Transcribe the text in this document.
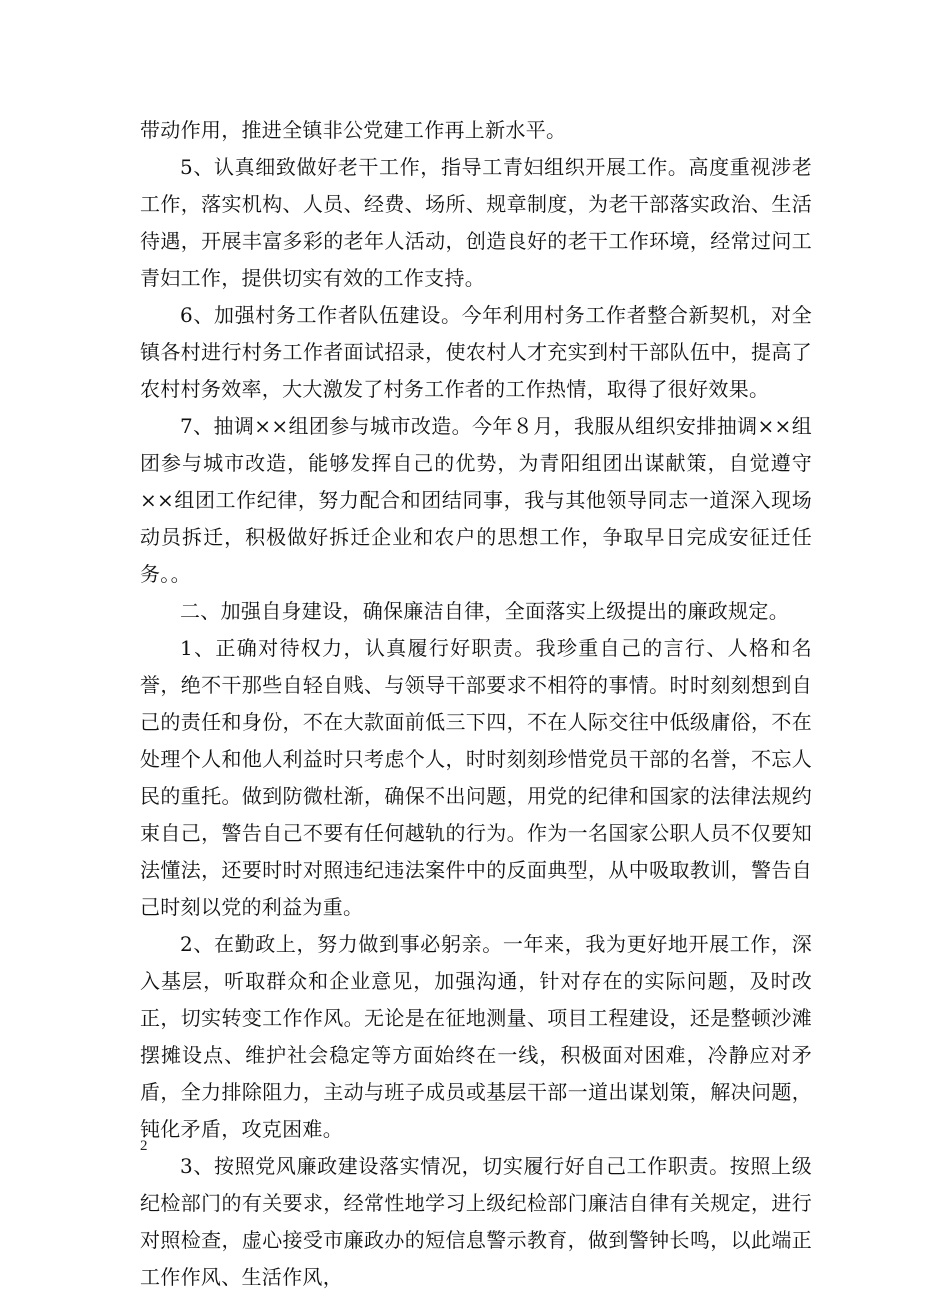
带动作用，推进全镇非公党建工作再上新水平。

5、认真细致做好老干工作，指导工青妇组织开展工作。高度重视涉老工作，落实机构、人员、经费、场所、规章制度，为老干部落实政治、生活待遇，开展丰富多彩的老年人活动，创造良好的老干工作环境，经常过问工青妇工作，提供切实有效的工作支持。

6、加强村务工作者队伍建设。今年利用村务工作者整合新契机，对全镇各村进行村务工作者面试招录，使农村人才充实到村干部队伍中，提高了农村村务效率，大大激发了村务工作者的工作热情，取得了很好效果。

7、抽调××组团参与城市改造。今年８月，我服从组织安排抽调××组团参与城市改造，能够发挥自己的优势，为青阳组团出谋献策，自觉遵守××组团工作纪律，努力配合和团结同事，我与其他领导同志一道深入现场动员拆迁，积极做好拆迁企业和农户的思想工作，争取早日完成安征迁任务。。

二、加强自身建设，确保廉洁自律，全面落实上级提出的廉政规定。

1、正确对待权力，认真履行好职责。我珍重自己的言行、人格和名誉，绝不干那些自轻自贱、与领导干部要求不相符的事情。时时刻刻想到自己的责任和身份，不在大款面前低三下四，不在人际交往中低级庸俗，不在处理个人和他人利益时只考虑个人，时时刻刻珍惜党员干部的名誉，不忘人民的重托。做到防微杜渐，确保不出问题，用党的纪律和国家的法律法规约束自己，警告自己不要有任何越轨的行为。作为一名国家公职人员不仅要知法懂法，还要时时对照违纪违法案件中的反面典型，从中吸取教训，警告自己时刻以党的利益为重。

2、在勤政上，努力做到事必躬亲。一年来，我为更好地开展工作，深入基层，听取群众和企业意见，加强沟通，针对存在的实际问题，及时改正，切实转变工作作风。无论是在征地测量、项目工程建设，还是整顿沙滩摆摊设点、维护社会稳定等方面始终在一线，积极面对困难，冷静应对矛盾，全力排除阻力，主动与班子成员或基层干部一道出谋划策，解决问题，钝化矛盾，攻克困难。

3、按照党风廉政建设落实情况，切实履行好自己工作职责。按照上级纪检部门的有关要求，经常性地学习上级纪检部门廉洁自律有关规定，进行对照检查，虚心接受市廉政办的短信息警示教育，做到警钟长鸣，以此端正工作作风、生活作风，

2
